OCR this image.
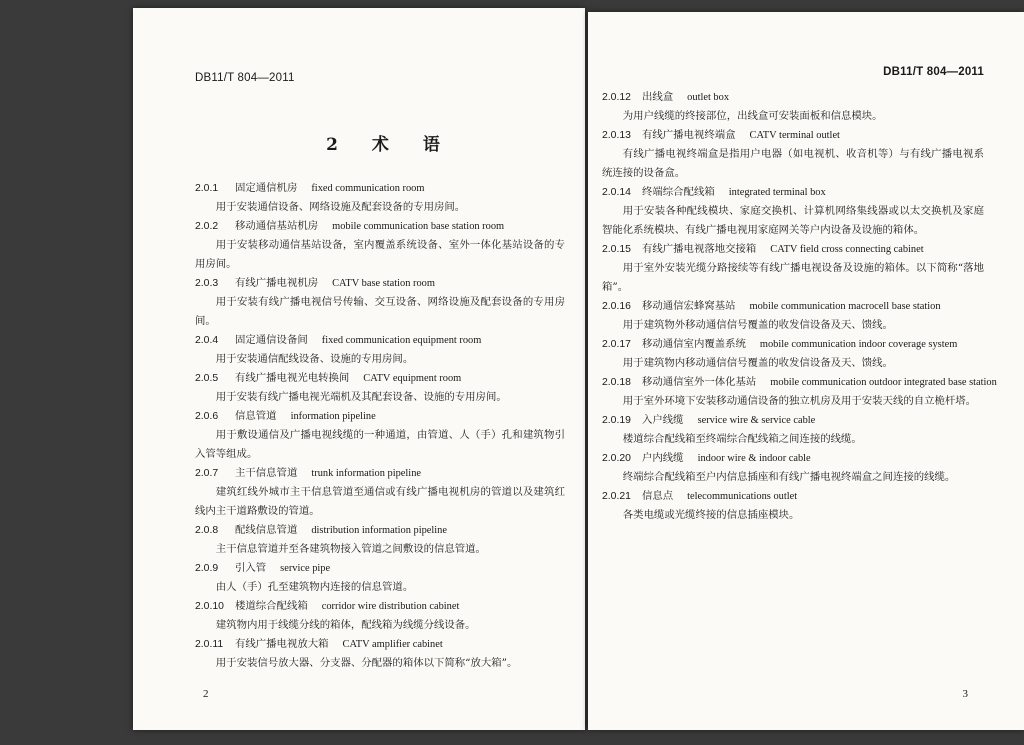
DB11/T 804—2011
2 术 语
2.0.1 固定通信机房 fixed communication room
用于安装通信设备、网络设施及配套设备的专用房间。
2.0.2 移动通信基站机房 mobile communication base station room
用于安装移动通信基站设备，室内覆盖系统设备、室外一体化基站设备的专用房间。
2.0.3 有线广播电视机房 CATV base station room
用于安装有线广播电视信号传输、交互设备、网络设施及配套设备的专用房间。
2.0.4 固定通信设备间 fixed communication equipment room
用于安装通信配线设备、设施的专用房间。
2.0.5 有线广播电视光电转换间 CATV equipment room
用于安装有线广播电视光端机及其配套设备、设施的专用房间。
2.0.6 信息管道 information pipeline
用于敷设通信及广播电视线缆的一种通道，由管道、人（手）孔和建筑物引入管等组成。
2.0.7 主干信息管道 trunk information pipeline
建筑红线外城市主干信息管道至通信或有线广播电视机房的管道以及建筑红线内主干道路敷设的管道。
2.0.8 配线信息管道 distribution information pipeline
主干信息管道并至各建筑物接入管道之间敷设的信息管道。
2.0.9 引入管 service pipe
由人（手）孔至建筑物内连接的信息管道。
2.0.10 楼道综合配线箱 corridor wire distribution cabinet
建筑物内用于线缆分线的箱体，配线箱为线缆分线设备。
2.0.11 有线广播电视放大箱 CATV amplifier cabinet
用于安装信号放大器、分支器、分配器的箱体以下简称“放大箱”。
2
DB11/T 804—2011
2.0.12 出线盒 outlet box
为用户线缆的终接部位，出线盒可安装面板和信息模块。
2.0.13 有线广播电视终端盒 CATV terminal outlet
有线广播电视终端盒是指用户电器（如电视机、收音机等）与有线广播电视系统连接的设备盒。
2.0.14 终端综合配线箱 integrated terminal box
用于安装各种配线模块、家庭交换机、计算机网络集线器或以太交换机及家庭智能化系统模块、有线广播电视用家庭网关等户内设备及设施的箱体。
2.0.15 有线广播电视落地交接箱 CATV field cross connecting cabinet
用于室外安装光缆分路接续等有线广播电视设备及设施的箱体。以下简称“落地箱”。
2.0.16 移动通信宏蜂窝基站 mobile communication macrocell base station
用于建筑物外移动通信信号覆盖的收发信设备及天、馈线。
2.0.17 移动通信室内覆盖系统 mobile communication indoor coverage system
用于建筑物内移动通信信号覆盖的收发信设备及天、馈线。
2.0.18 移动通信室外一体化基站 mobile communication outdoor integrated base station
用于室外环境下安装移动通信设备的独立机房及用于安装天线的自立桅杆塔。
2.0.19 入户线缆 service wire & service cable
楼道综合配线箱至终端综合配线箱之间连接的线缆。
2.0.20 户内线缆 indoor wire & indoor cable
终端综合配线箱至户内信息插座和有线广播电视终端盒之间连接的线缆。
2.0.21 信息点 telecommunications outlet
各类电缆或光缆终接的信息插座模块。
3
